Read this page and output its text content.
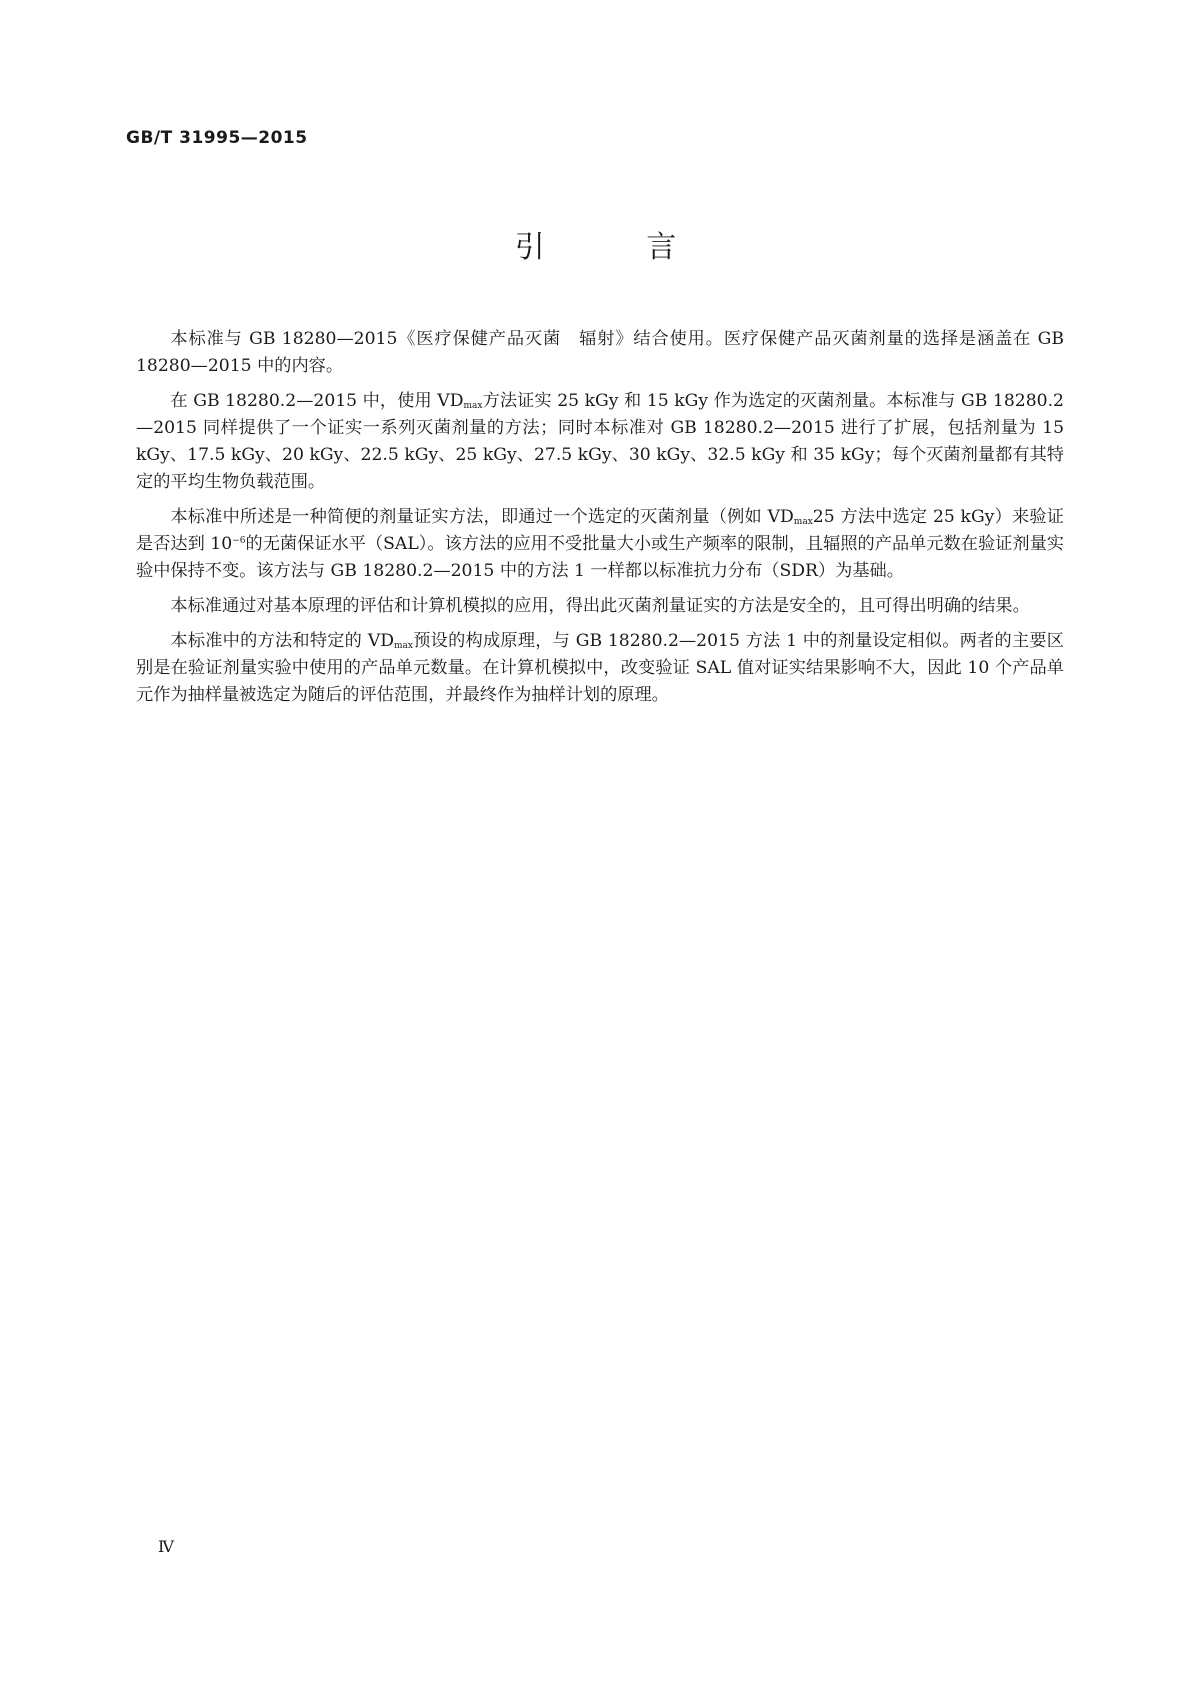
GB/T 31995—2015
引 言

本标准与 GB 18280—2015《医疗保健产品灭菌　辐射》结合使用。医疗保健产品灭菌剂量的选择是涵盖在 GB 18280—2015 中的内容。

在 GB 18280.2—2015 中，使用 $VD_{max}$方法证实 25 kGy 和 15 kGy 作为选定的灭菌剂量。本标准与 GB 18280.2—2015 同样提供了一个证实一系列灭菌剂量的方法；同时本标准对 GB 18280.2—2015 进行了扩展，包括剂量为 15 kGy、17.5 kGy、20 kGy、22.5 kGy、25 kGy、27.5 kGy、30 kGy、32.5 kGy 和 35 kGy；每个灭菌剂量都有其特定的平均生物负载范围。

本标准中所述是一种简便的剂量证实方法，即通过一个选定的灭菌剂量（例如 $VD_{max}25$ 方法中选定 25 kGy）来验证是否达到 $10^{-6}$的无菌保证水平（SAL）。该方法的应用不受批量大小或生产频率的限制，且辐照的产品单元数在验证剂量实验中保持不变。该方法与 GB 18280.2—2015 中的方法 1 一样都以标准抗力分布（SDR）为基础。

本标准通过对基本原理的评估和计算机模拟的应用，得出此灭菌剂量证实的方法是安全的，且可得出明确的结果。

本标准中的方法和特定的 $VD_{max}$预设的构成原理，与 GB 18280.2—2015 方法 1 中的剂量设定相似。两者的主要区别是在验证剂量实验中使用的产品单元数量。在计算机模拟中，改变验证 SAL 值对证实结果影响不大，因此 10 个产品单元作为抽样量被选定为随后的评估范围，并最终作为抽样计划的原理。

Ⅳ
